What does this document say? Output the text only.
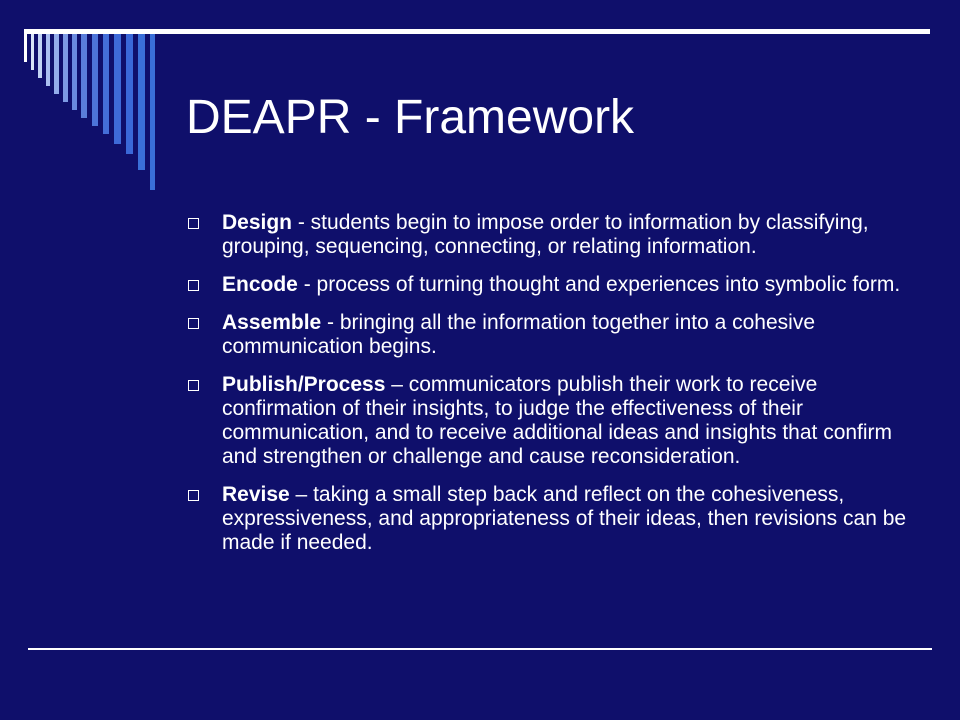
DEAPR - Framework
Design - students begin to impose order to information by classifying, grouping, sequencing, connecting, or relating information.
Encode - process of turning thought and experiences into symbolic form.
Assemble - bringing all the information together into a cohesive communication begins.
Publish/Process – communicators publish their work to receive confirmation of their insights, to judge the effectiveness of their communication, and to receive additional ideas and insights that confirm and strengthen or challenge and cause reconsideration.
Revise – taking a small step back and reflect on the cohesiveness, expressiveness, and appropriateness of their ideas, then revisions can be made if needed.
